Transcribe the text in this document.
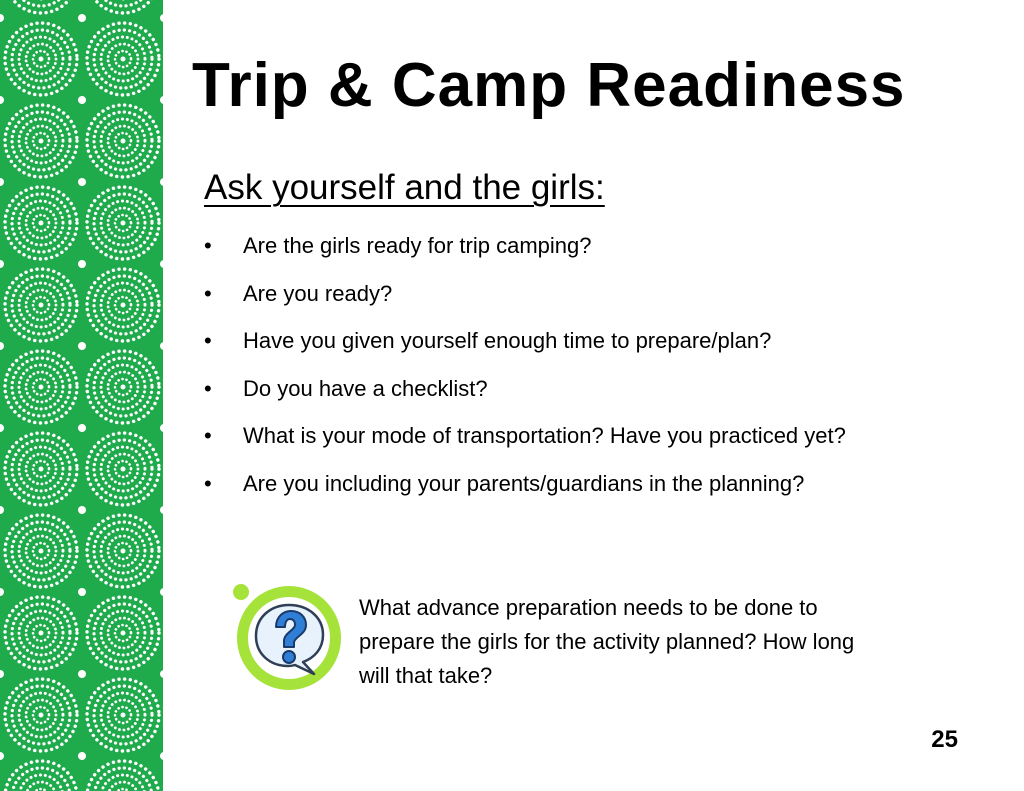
Trip & Camp Readiness
Ask yourself and the girls:
•	Are the girls ready for trip camping?
•	Are you ready?
•	Have you given yourself enough time to prepare/plan?
•	Do you have a checklist?
•	What is your mode of transportation? Have you practiced yet?
•	Are you including your parents/guardians in the planning?
What advance preparation needs to be done to
prepare the girls for the activity planned? How long
will that take?
25
